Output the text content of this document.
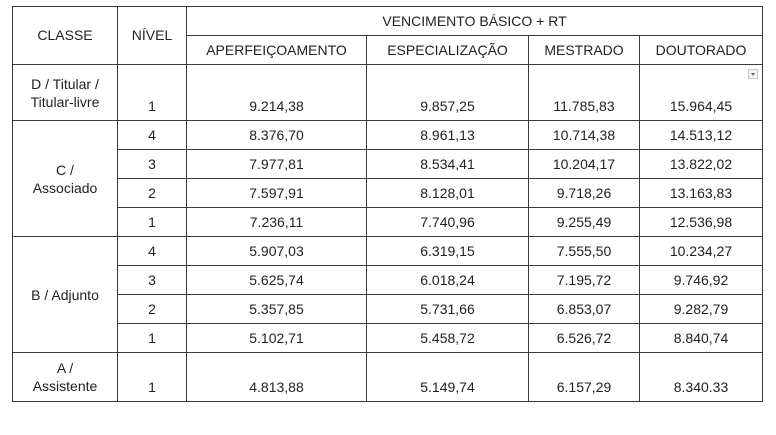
CLASSE	NÍVEL	VENCIMENTO BÁSICO + RT			
		APERFEIÇOAMENTO	ESPECIALIZAÇÃO	MESTRADO	DOUTORADO
D / Titular /
Titular-livre	1	9.214,38	9.857,25	11.785,83	15.964,45

C /
Associado	4	8.376,70	8.961,13	10.714,38	14.513,12
	3	7.977,81	8.534,41	10.204,17	13.822,02
	2	7.597,91	8.128,01	9.718,26	13.163,83
	1	7.236,11	7.740,96	9.255,49	12.536,98
B / Adjunto	4	5.907,03	6.319,15	7.555,50	10.234,27
	3	5.625,74	6.018,24	7.195,72	9.746,92
	2	5.357,85	5.731,66	6.853,07	9.282,79
	1	5.102,71	5.458,72	6.526,72	8.840,74
A /
Assistente	1	4.813,88	5.149,74	6.157,29	8.340.33
